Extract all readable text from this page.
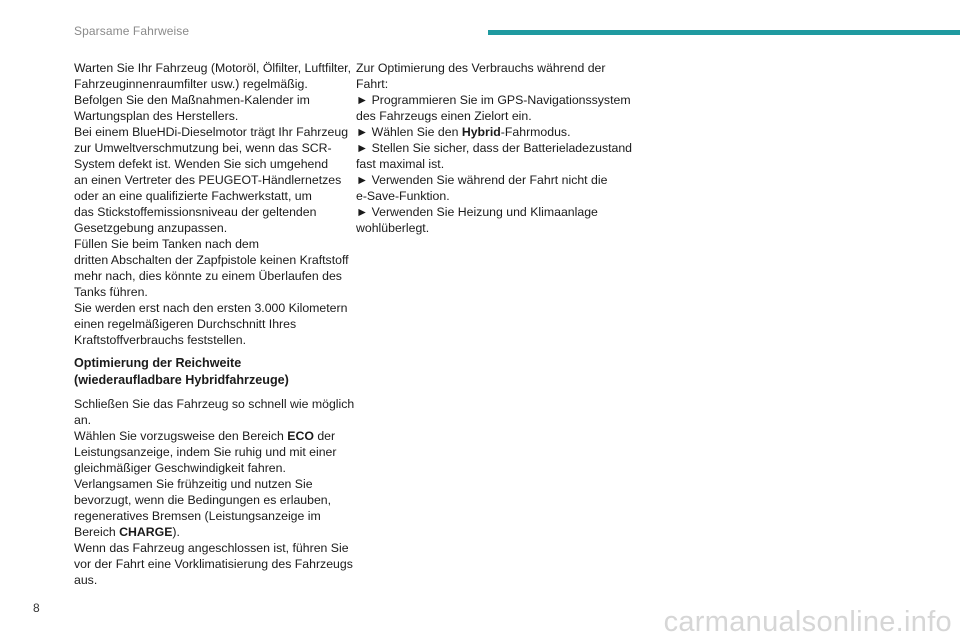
Sparsame Fahrweise
Warten Sie Ihr Fahrzeug (Motoröl, Ölfilter, Luftfilter,
Fahrzeuginnenraumfilter usw.) regelmäßig.
Befolgen Sie den Maßnahmen-Kalender im
Wartungsplan des Herstellers.
Bei einem BlueHDi-Dieselmotor trägt Ihr Fahrzeug
zur Umweltverschmutzung bei, wenn das SCR-
System defekt ist. Wenden Sie sich umgehend
an einen Vertreter des PEUGEOT-Händlernetzes
oder an eine qualifizierte Fachwerkstatt, um
das Stickstoffemissionsniveau der geltenden
Gesetzgebung anzupassen.
Füllen Sie beim Tanken nach dem
dritten Abschalten der Zapfpistole keinen Kraftstoff
mehr nach, dies könnte zu einem Überlaufen des
Tanks führen.
Sie werden erst nach den ersten 3.000 Kilometern
einen regelmäßigeren Durchschnitt Ihres
Kraftstoffverbrauchs feststellen.
Optimierung der Reichweite
(wiederaufladbare Hybridfahrzeuge)
Schließen Sie das Fahrzeug so schnell wie möglich
an.
Wählen Sie vorzugsweise den Bereich ECO der
Leistungsanzeige, indem Sie ruhig und mit einer
gleichmäßiger Geschwindigkeit fahren.
Verlangsamen Sie frühzeitig und nutzen Sie
bevorzugt, wenn die Bedingungen es erlauben,
regeneratives Bremsen (Leistungsanzeige im
Bereich CHARGE).
Wenn das Fahrzeug angeschlossen ist, führen Sie
vor der Fahrt eine Vorklimatisierung des Fahrzeugs
aus.
Zur Optimierung des Verbrauchs während der
Fahrt:
► Programmieren Sie im GPS-Navigationssystem
des Fahrzeugs einen Zielort ein.
► Wählen Sie den Hybrid-Fahrmodus.
► Stellen Sie sicher, dass der Batterieladezustand
fast maximal ist.
► Verwenden Sie während der Fahrt nicht die
e-Save-Funktion.
► Verwenden Sie Heizung und Klimaanlage
wohlüberlegt.
8	carmanualsonline.info
